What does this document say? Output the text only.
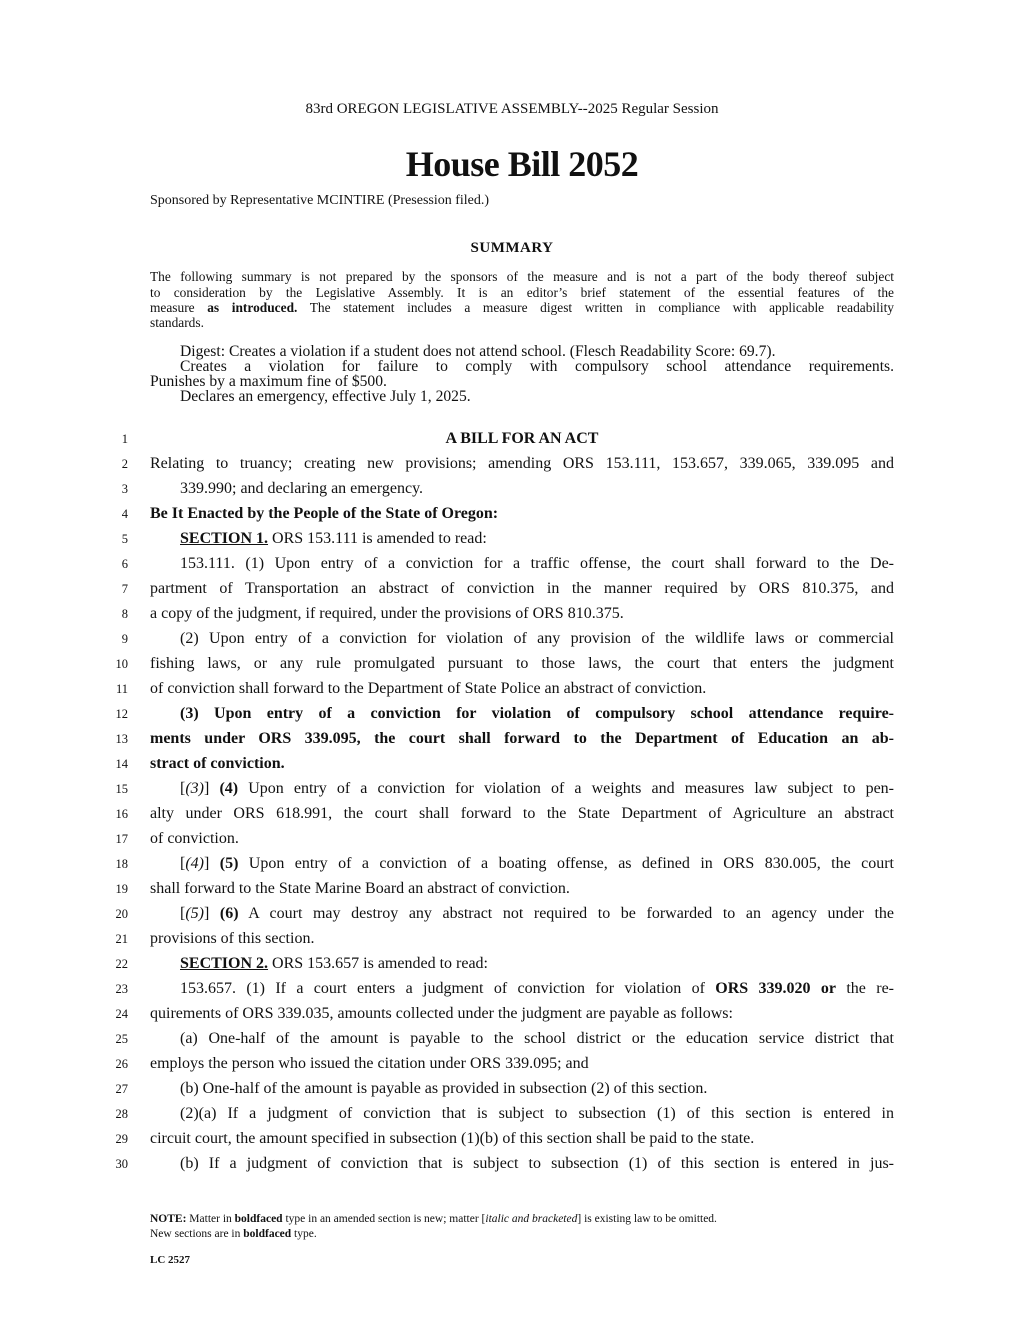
83rd OREGON LEGISLATIVE ASSEMBLY--2025 Regular Session
House Bill 2052
Sponsored by Representative MCINTIRE (Presession filed.)
SUMMARY
The following summary is not prepared by the sponsors of the measure and is not a part of the body thereof subject
to consideration by the Legislative Assembly. It is an editor’s brief statement of the essential features of the
measure as introduced. The statement includes a measure digest written in compliance with applicable readability
standards.
Digest: Creates a violation if a student does not attend school. (Flesch Readability Score: 69.7).
Creates a violation for failure to comply with compulsory school attendance requirements.
Punishes by a maximum fine of $500.
Declares an emergency, effective July 1, 2025.
1
2
3
4
5
6
7
8
9
10
11
12
13
14
15
16
17
18
19
20
21
22
23
24
25
26
27
28
29
30
A BILL FOR AN ACT
Relating to truancy; creating new provisions; amending ORS 153.111, 153.657, 339.065, 339.095 and
339.990; and declaring an emergency.
Be It Enacted by the People of the State of Oregon:
SECTION 1. ORS 153.111 is amended to read:
153.111. (1) Upon entry of a conviction for a traffic offense, the court shall forward to the De-
partment of Transportation an abstract of conviction in the manner required by ORS 810.375, and
a copy of the judgment, if required, under the provisions of ORS 810.375.
(2) Upon entry of a conviction for violation of any provision of the wildlife laws or commercial
fishing laws, or any rule promulgated pursuant to those laws, the court that enters the judgment
of conviction shall forward to the Department of State Police an abstract of conviction.
(3) Upon entry of a conviction for violation of compulsory school attendance require-
ments under ORS 339.095, the court shall forward to the Department of Education an ab-
stract of conviction.
[(3)] (4) Upon entry of a conviction for violation of a weights and measures law subject to pen-
alty under ORS 618.991, the court shall forward to the State Department of Agriculture an abstract
of conviction.
[(4)] (5) Upon entry of a conviction of a boating offense, as defined in ORS 830.005, the court
shall forward to the State Marine Board an abstract of conviction.
[(5)] (6) A court may destroy any abstract not required to be forwarded to an agency under the
provisions of this section.
SECTION 2. ORS 153.657 is amended to read:
153.657. (1) If a court enters a judgment of conviction for violation of ORS 339.020 or the re-
quirements of ORS 339.035, amounts collected under the judgment are payable as follows:
(a) One-half of the amount is payable to the school district or the education service district that
employs the person who issued the citation under ORS 339.095; and
(b) One-half of the amount is payable as provided in subsection (2) of this section.
(2)(a) If a judgment of conviction that is subject to subsection (1) of this section is entered in
circuit court, the amount specified in subsection (1)(b) of this section shall be paid to the state.
(b) If a judgment of conviction that is subject to subsection (1) of this section is entered in jus-
NOTE: Matter in boldfaced type in an amended section is new; matter [italic and bracketed] is existing law to be omitted.
New sections are in boldfaced type.
LC 2527
